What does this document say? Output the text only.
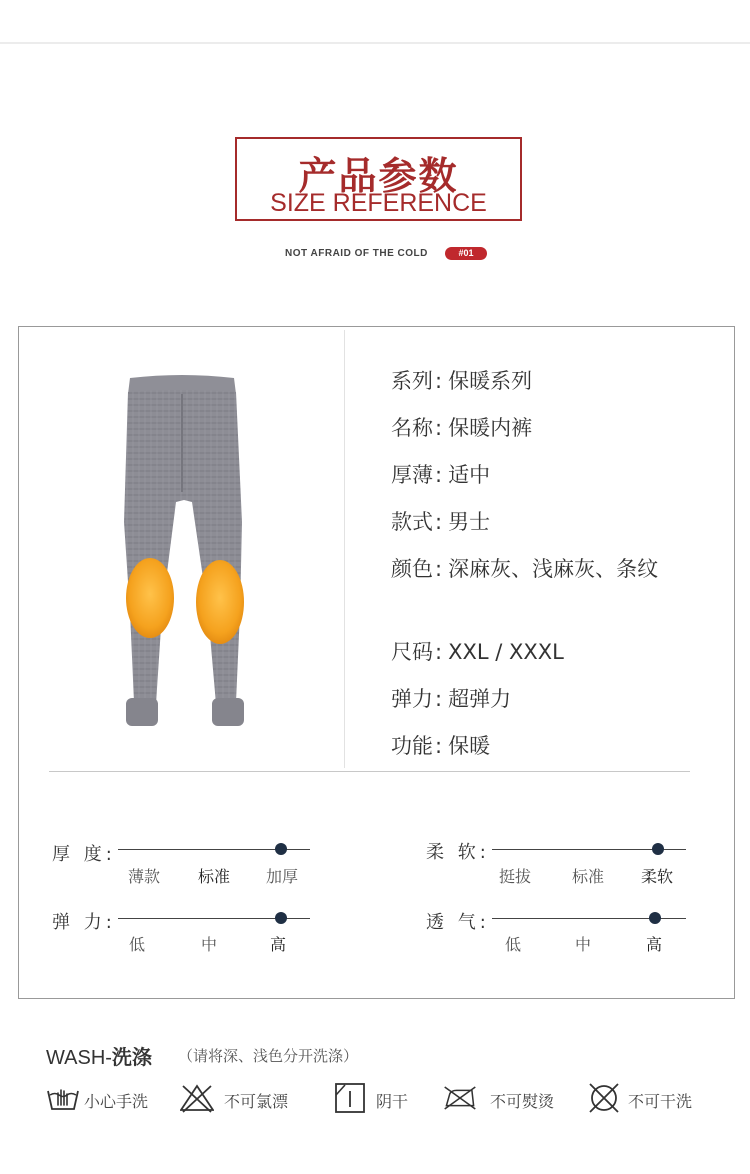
产品参数
SIZE REFERENCE
NOT AFRAID OF THE COLD	#01
系列: 保暖系列
名称: 保暖内裤
厚薄: 适中
款式: 男士
颜色: 深麻灰、浅麻灰、条纹
尺码: XXL / XXXL
弹力: 超弹力
功能: 保暖
厚 度:
薄款 标准 加厚
柔 软:
挺拔	标准 柔软
弹 力:
低	中	高
透 气:
低	中	高
WASH-洗涤 （请将深、浅色分开洗涤）
小心手洗	不可氯漂	阴干	不可熨烫	不可干洗
